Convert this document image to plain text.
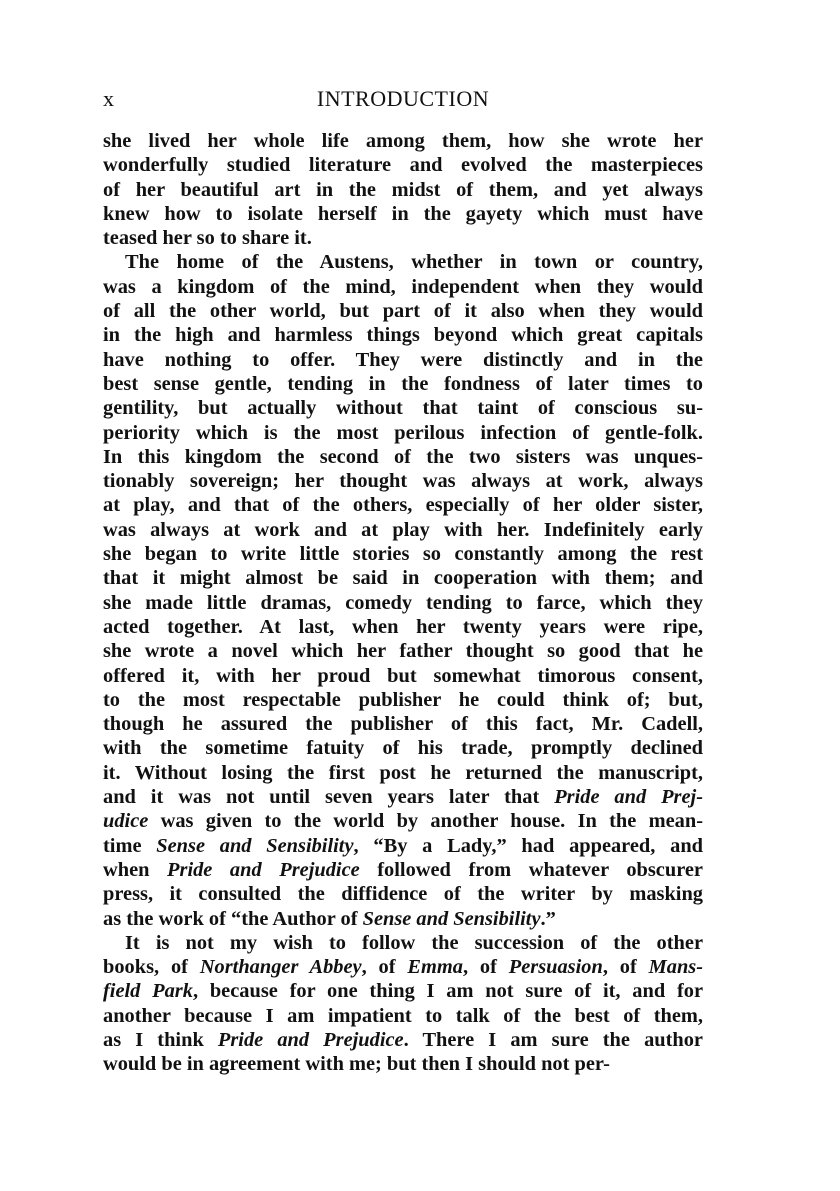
x	INTRODUCTION
she lived her whole life among them, how she wrote her
wonderfully studied literature and evolved the masterpieces
of her beautiful art in the midst of them, and yet always
knew how to isolate herself in the gayety which must have
teased her so to share it.
The home of the Austens, whether in town or country,
was a kingdom of the mind, independent when they would
of all the other world, but part of it also when they would
in the high and harmless things beyond which great capitals
have nothing to offer. They were distinctly and in the
best sense gentle, tending in the fondness of later times to
gentility, but actually without that taint of conscious su-
periority which is the most perilous infection of gentle-folk.
In this kingdom the second of the two sisters was unques-
tionably sovereign; her thought was always at work, always
at play, and that of the others, especially of her older sister,
was always at work and at play with her. Indefinitely early
she began to write little stories so constantly among the rest
that it might almost be said in cooperation with them; and
she made little dramas, comedy tending to farce, which they
acted together. At last, when her twenty years were ripe,
she wrote a novel which her father thought so good that he
offered it, with her proud but somewhat timorous consent,
to the most respectable publisher he could think of; but,
though he assured the publisher of this fact, Mr. Cadell,
with the sometime fatuity of his trade, promptly declined
it. Without losing the first post he returned the manuscript,
and it was not until seven years later that Pride and Prej-
udice was given to the world by another house. In the mean-
time Sense and Sensibility, “By a Lady,” had appeared, and
when Pride and Prejudice followed from whatever obscurer
press, it consulted the diffidence of the writer by masking
as the work of “the Author of Sense and Sensibility.”
It is not my wish to follow the succession of the other
books, of Northanger Abbey, of Emma, of Persuasion, of Mans-
field Park, because for one thing I am not sure of it, and for
another because I am impatient to talk of the best of them,
as I think Pride and Prejudice. There I am sure the author
would be in agreement with me; but then I should not per-
